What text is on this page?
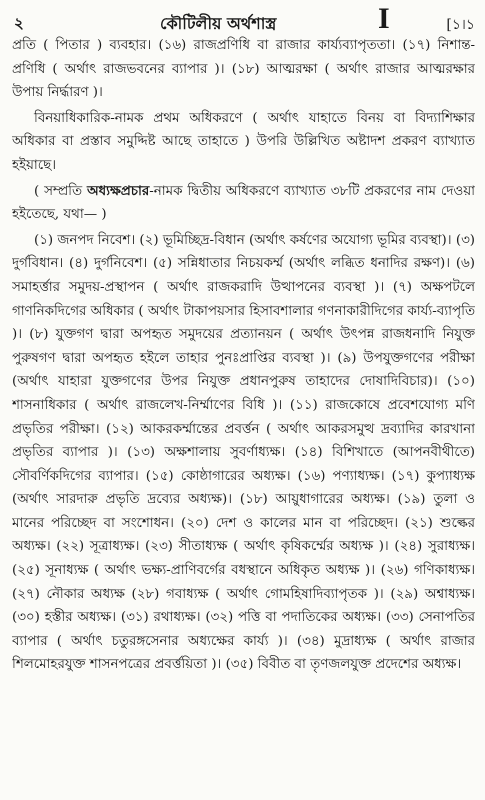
২	কৌটিলীয় অর্থশাস্ত্র	I	[১।১

প্রতি ( পিতার ) ব্যবহার। (১৬) রাজপ্রণিধি বা রাজার কার্য্যব্যাপৃততা। (১৭) নিশান্ত-প্রণিধি ( অর্থাৎ রাজভবনের ব্যাপার )। (১৮) আত্মরক্ষা ( অর্থাৎ রাজার আত্মরক্ষার উপায় নির্দ্ধারণ )।

বিনয়াধিকারিক-নামক প্রথম অধিকরণে ( অর্থাৎ যাহাতে বিনয় বা বিদ্যাশিক্ষার অধিকার বা প্রস্তাব সমুদ্দিষ্ট আছে তাহাতে ) উপরি উল্লিখিত অষ্টাদশ প্রকরণ ব্যাখ্যাত হইয়াছে।

( সম্প্রতি অধ্যক্ষপ্রচার-নামক দ্বিতীয় অধিকরণে ব্যাখ্যাত ৩৮টি প্রকরণের নাম দেওয়া হইতেছে, যথা— )

(১) জনপদ নিবেশ। (২) ভূমিচ্ছিদ্র-বিধান (অর্থাৎ কর্ষণের অযোগ্য ভূমির ব্যবস্থা)। (৩) দুর্গবিধান। (৪) দুর্গনিবেশ। (৫) সন্নিধাতার নিচয়কর্ম্ম (অর্থাৎ লব্ধিত ধনাদির রক্ষণ)। (৬) সমাহর্ত্তার সমুদয়-প্রস্থাপন ( অর্থাৎ রাজকরাদি উত্থাপনের ব্যবস্থা )। (৭) অক্ষপটলে গাণনিকদিগের অধিকার ( অর্থাৎ টাকাপয়সার হিসাবশালার গণনাকারীদিগের কার্য্য-ব্যাপৃতি )। (৮) যুক্তগণ দ্বারা অপহৃত সমুদয়ের প্রত্যানয়ন ( অর্থাৎ উৎপন্ন রাজধনাদি নিযুক্ত পুরুষগণ দ্বারা অপহৃত হইলে তাহার পুনঃপ্রাপ্তির ব্যবস্থা )। (৯) উপযুক্তগণের পরীক্ষা (অর্থাৎ যাহারা যুক্তগণের উপর নিযুক্ত প্রধানপুরুষ তাহাদের দোষাদিবিচার)। (১০) শাসনাধিকার ( অর্থাৎ রাজলেখ-নির্ম্মাণের বিধি )। (১১) রাজকোষে প্রবেশযোগ্য মণি প্রভৃতির পরীক্ষা। (১২) আকরকর্ম্মান্তের প্রবর্ত্তন ( অর্থাৎ আকরসমুত্থ দ্রব্যাদির কারখানা প্রভৃতির ব্যাপার )। (১৩) অক্ষশালায় সুবর্ণাধ্যক্ষ। (১৪) বিশিখাতে (আপনবীথীতে) সৌবর্ণিকদিগের ব্যাপার। (১৫) কোষ্ঠাগারের অধ্যক্ষ। (১৬) পণ্যাধ্যক্ষ। (১৭) কুপ্যাধ্যক্ষ (অর্থাৎ সারদারু প্রভৃতি দ্রব্যের অধ্যক্ষ)। (১৮) আয়ুধাগারের অধ্যক্ষ। (১৯) তুলা ও মানের পরিচ্ছেদ বা সংশোধন। (২০) দেশ ও কালের মান বা পরিচ্ছেদ। (২১) শুল্কের অধ্যক্ষ। (২২) সূত্রাধ্যক্ষ। (২৩) সীতাধ্যক্ষ ( অর্থাৎ কৃষিকর্ম্মের অধ্যক্ষ )। (২৪) সুরাধ্যক্ষ। (২৫) সূনাধ্যক্ষ ( অর্থাৎ ভক্ষ্য-প্রাণিবর্গের বধস্থানে অধিকৃত অধ্যক্ষ )। (২৬) গণিকাধ্যক্ষ। (২৭) নৌকার অধ্যক্ষ (২৮) গবাধ্যক্ষ ( অর্থাৎ গোমহিষাদিব্যাপৃতক )। (২৯) অশ্বাধ্যক্ষ। (৩০) হস্তীর অধ্যক্ষ। (৩১) রথাধ্যক্ষ। (৩২) পত্তি বা পদাতিকের অধ্যক্ষ। (৩৩) সেনাপতির ব্যাপার ( অর্থাৎ চতুরঙ্গসেনার অধ্যক্ষের কার্য্য )। (৩৪) মুদ্রাধ্যক্ষ ( অর্থাৎ রাজার শিলমোহরযুক্ত শাসনপত্রের প্রবর্ত্তয়িতা )। (৩৫) বিবীত বা তৃণজলযুক্ত প্রদেশের অধ্যক্ষ।
